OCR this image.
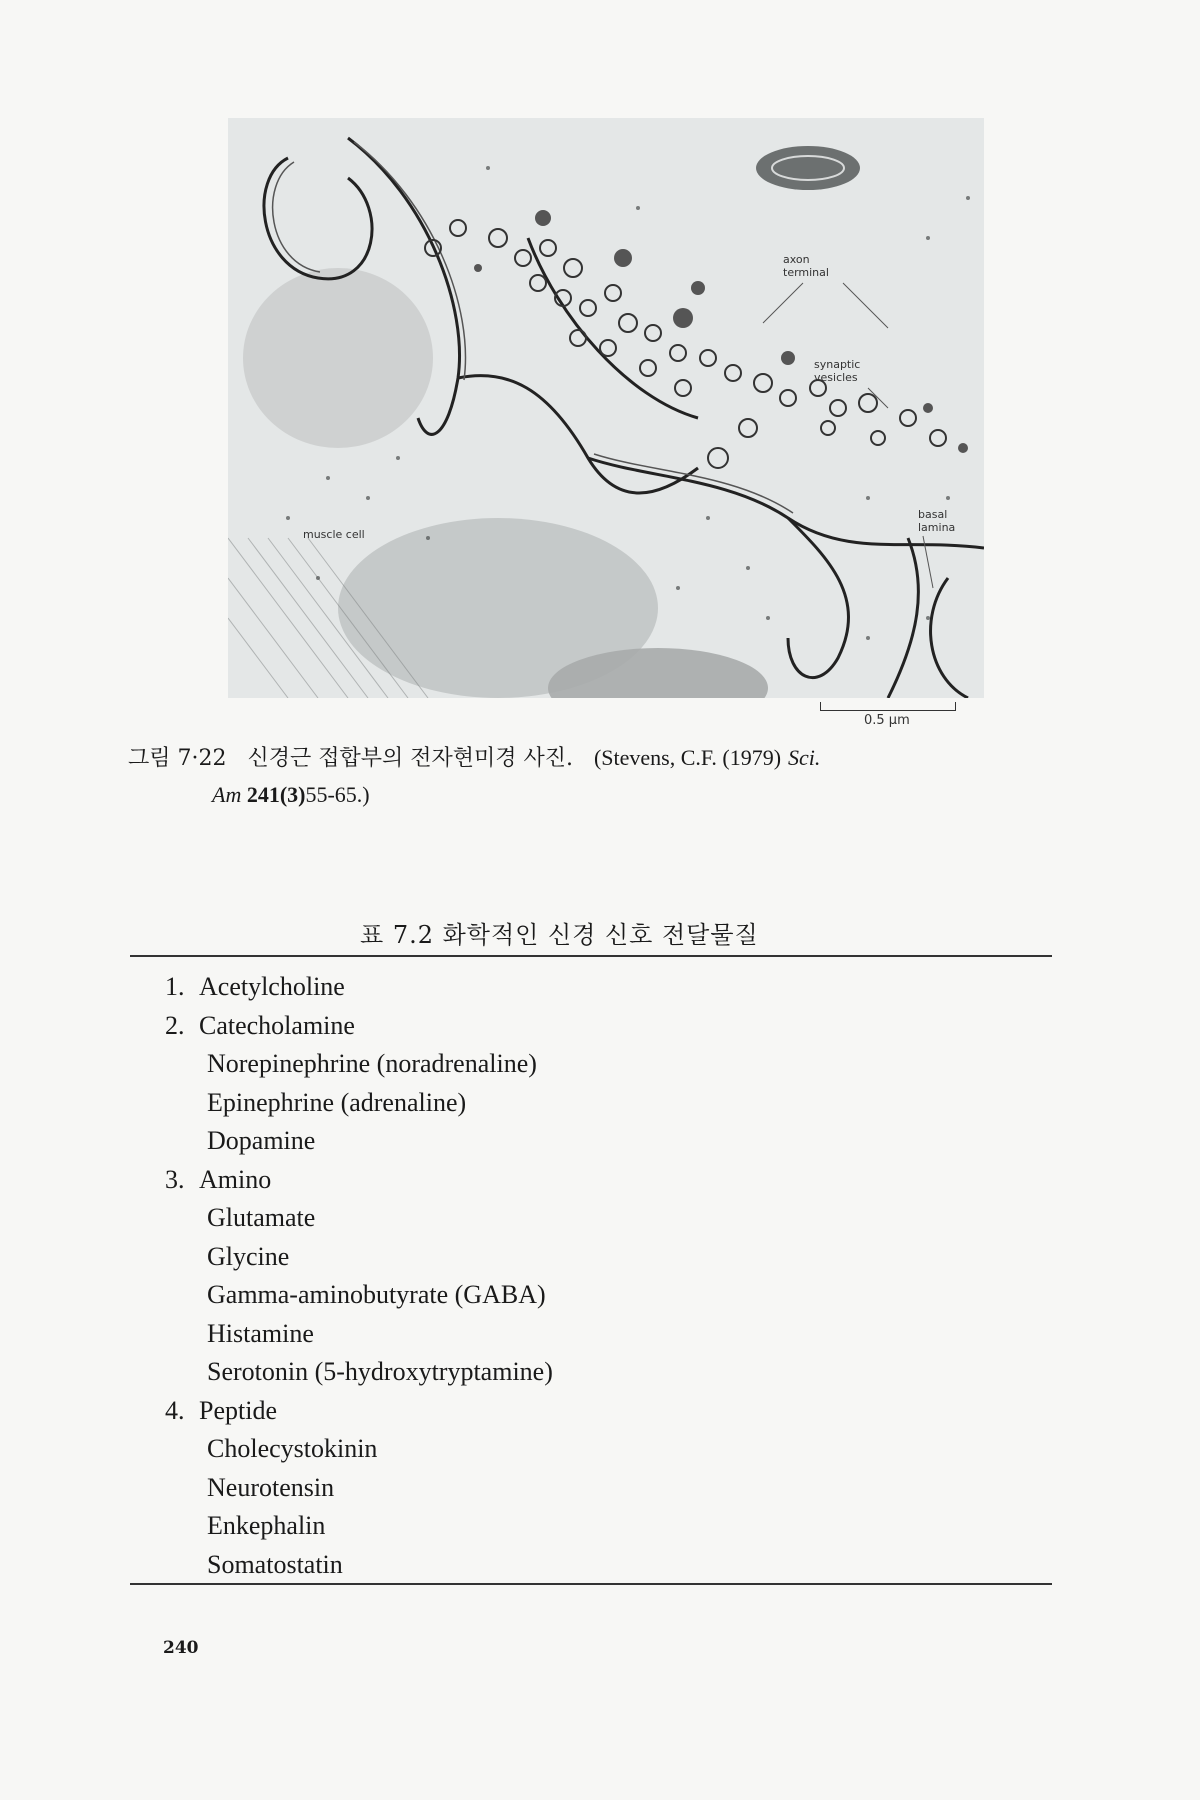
axon
terminal
synaptic
vesicles
basal
lamina
muscle cell
0.5 μm
그림 7·22 신경근 접합부의 전자현미경 사진. (Stevens, C.F. (1979) Sci.
Am 241(3)55-65.)
표 7.2 화학적인 신경 신호 전달물질
1. Acetylcholine
2. Catecholamine
Norepinephrine (noradrenaline)
Epinephrine (adrenaline)
Dopamine
3. Amino
Glutamate
Glycine
Gamma-aminobutyrate (GABA)
Histamine
Serotonin (5-hydroxytryptamine)
4. Peptide
Cholecystokinin
Neurotensin
Enkephalin
Somatostatin
240
